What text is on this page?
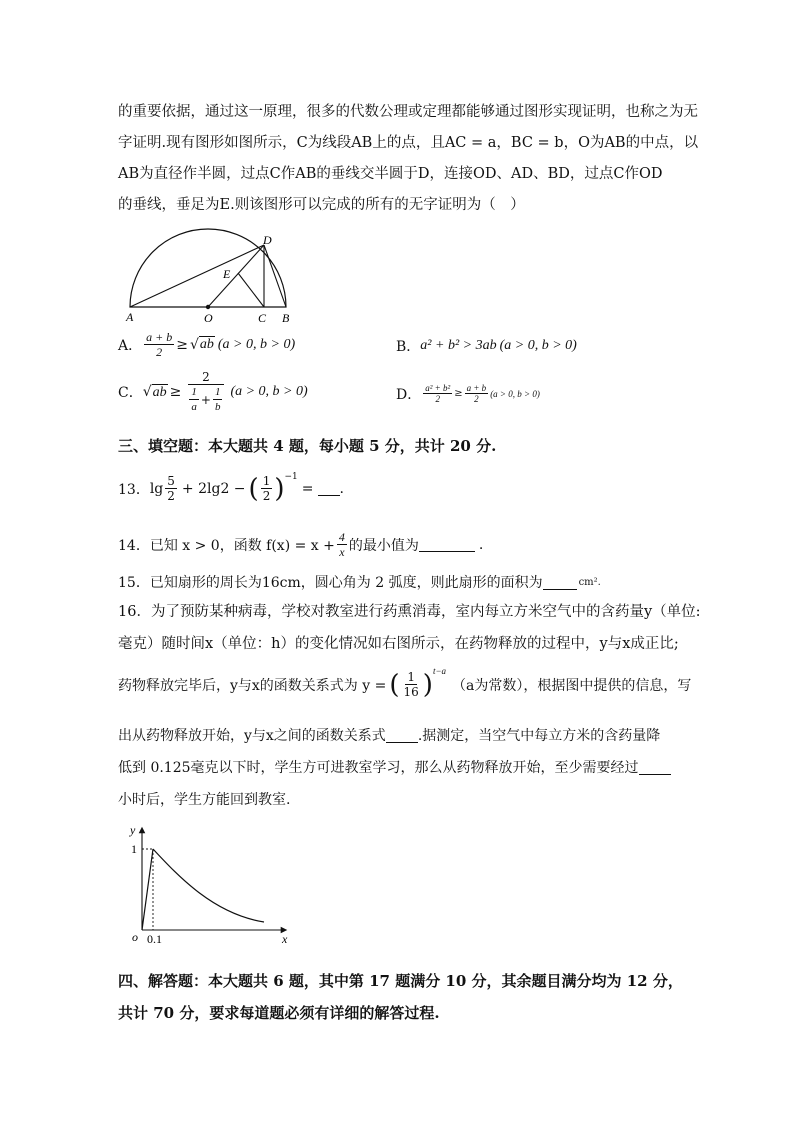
的重要依据，通过这一原理，很多的代数公理或定理都能够通过图形实现证明，也称之为无
字证明.现有图形如图所示，C为线段AB上的点，且AC = a，BC = b，O为AB的中点，以
AB为直径作半圆，过点C作AB的垂线交半圆于D，连接OD、AD、BD，过点C作OD
的垂线，垂足为E.则该图形可以完成的所有的无字证明为（　）
A	O	C B
D
E
A． $\frac{a + b}{2}$ ≥ √ ab (a > 0, b > 0)	B． a² + b² > 3ab (a > 0, b > 0)
C． √ ab ≥ $\frac{2}{\frac{1}{a} + \frac{1}{b}} (a > 0$, b > 0)	D． $\frac{\text{a² + b²}}{2} \ge \frac{a + b}{2} (a > 0$, b > 0)
三、填空题：本大题共 4 题，每小题 5 分，共计 20 分.
13． $\lg \frac{5}{2} + 2\lg 2$ − ( $\frac{1}{2}$ ) −1
= .
14． 已知 x > 0，函数 $f(x) = x + \frac{4}{x}$ 的最小值为	.
15． 已知扇形的周长为16cm，圆心角为 2 弧度，则此扇形的面积为	cm².
16．为了预防某种病毒，学校对教室进行药熏消毒，室内每立方米空气中的含药量y（单位:
毫克）随时间x（单位：h）的变化情况如右图所示，在药物释放的过程中，y与x成正比;
药物释放完毕后，y与x的函数关系式为 y = ( $\frac{1}{16}$ ) t−a
（a为常数），根据图中提供的信息，写
出从药物释放开始，y与x之间的函数关系式 .据测定，当空气中每立方米的含药量降
低到 0.125毫克以下时，学生方可进教室学习，那么从药物释放开始，至少需要经过
小时后，学生方能回到教室.
y
x
1
o 0.1
四、解答题：本大题共 6 题，其中第 17 题满分 10 分，其余题目满分均为 12 分，
共计 70 分，要求每道题必须有详细的解答过程.
